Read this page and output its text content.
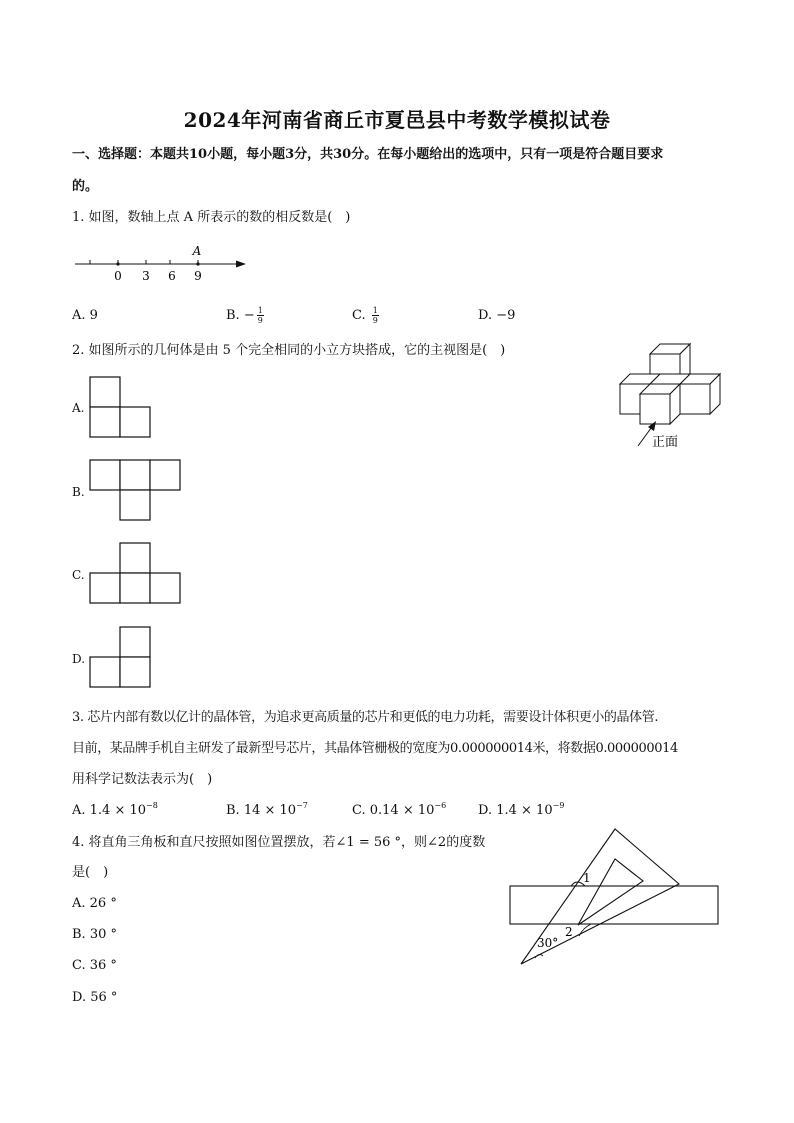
2024年河南省商丘市夏邑县中考数学模拟试卷
一、选择题：本题共10小题，每小题3分，共30分。在每小题给出的选项中，只有一项是符合题目要求
的。
1. 如图，数轴上点 A 所表示的数的相反数是(　)
A
0 3 6 9
A. 9	B. − $\frac{1}{9}$	C. $\frac{1}{9}$	D. −9
2. 如图所示的几何体是由 5 个完全相同的小立方块搭成，它的主视图是(　)
正面
A.
B.
C.
D.
3. 芯片内部有数以亿计的晶体管，为追求更高质量的芯片和更低的电力功耗，需要设计体积更小的晶体管.
目前，某品牌手机自主研发了最新型号芯片，其晶体管栅极的宽度为0.000000014米，将数据0.000000014
用科学记数法表示为(　)
A. $1.4 \times 10^{-8}$	B. $14 \times 10^{-7}$	C. $0.14 \times 10^{-6}$ D. $1.4 \times 10^{-9}$
4. 将直角三角板和直尺按照如图位置摆放，若∠1 = 56 °，则∠2的度数
是(　)
A. 26 °
B. 30 °
C. 36 °
D. 56 °
1
2
30°
